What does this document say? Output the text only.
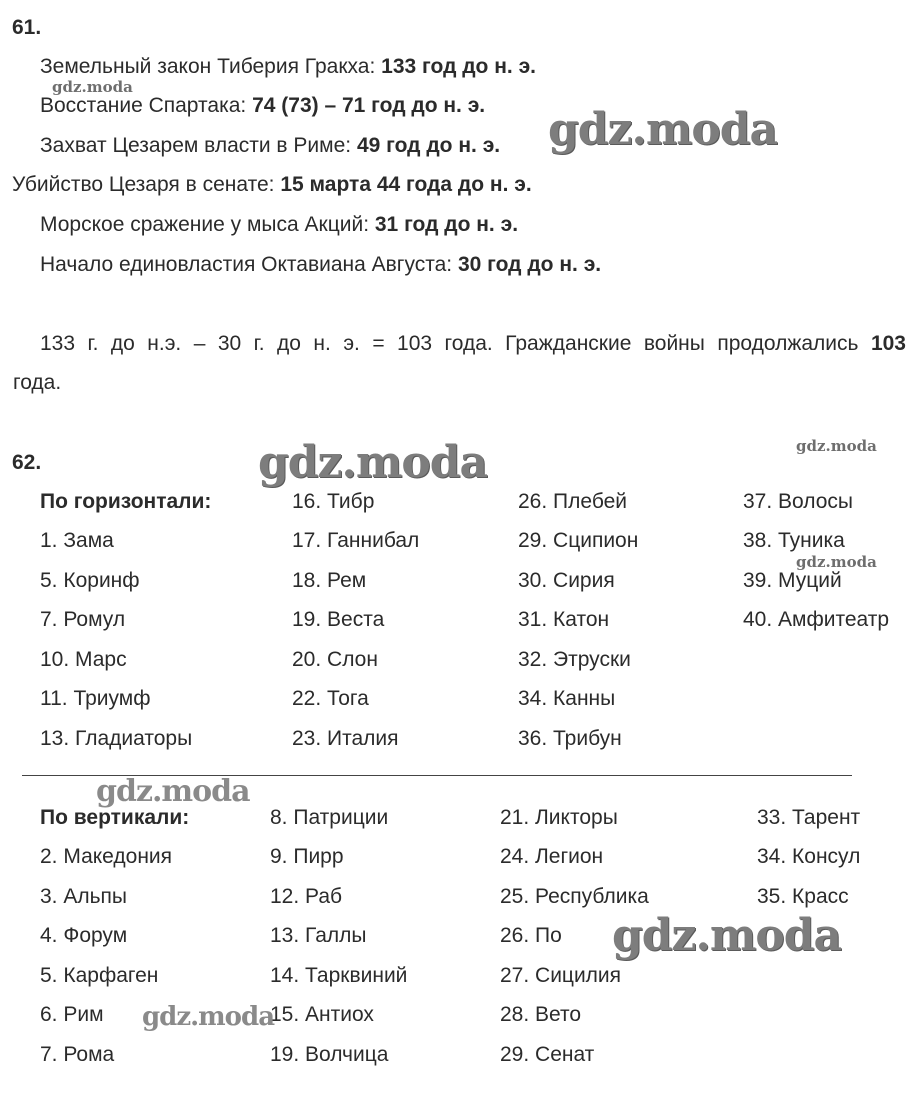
61.
Земельный закон Тиберия Гракха: 133 год до н. э.
Восстание Спартака: 74 (73) – 71 год до н. э.
Захват Цезарем власти в Риме: 49 год до н. э.
Убийство Цезаря в сенате: 15 марта 44 года до н. э.
Морское сражение у мыса Акций: 31 год до н. э.
Начало единовластия Октавиана Августа: 30 год до н. э.
133 г. до н.э. – 30 г. до н. э. = 103 года. Гражданские войны продолжались 103
года.
62.
По горизонтали:
1. Зама
5. Коринф
7. Ромул
10. Марс
11. Триумф
13. Гладиаторы
16. Тибр
17. Ганнибал
18. Рем
19. Веста
20. Слон
22. Тога
23. Италия
26. Плебей
29. Сципион
30. Сирия
31. Катон
32. Этруски
34. Канны
36. Трибун
37. Волосы
38. Туника
39. Муций
40. Амфитеатр
По вертикали:
2. Македония
3. Альпы
4. Форум
5. Карфаген
6. Рим
7. Рома
8. Патриции
9. Пирр
12. Раб
13. Галлы
14. Тарквиний
15. Антиох
19. Волчица
21. Ликторы
24. Легион
25. Республика
26. По
27. Сицилия
28. Вето
29. Сенат
33. Тарент
34. Консул
35. Красс
gdz.moda
gdz.moda
gdz.moda	gdz.moda
gdz.moda
gdz.moda
gdz.moda
gdz.moda
